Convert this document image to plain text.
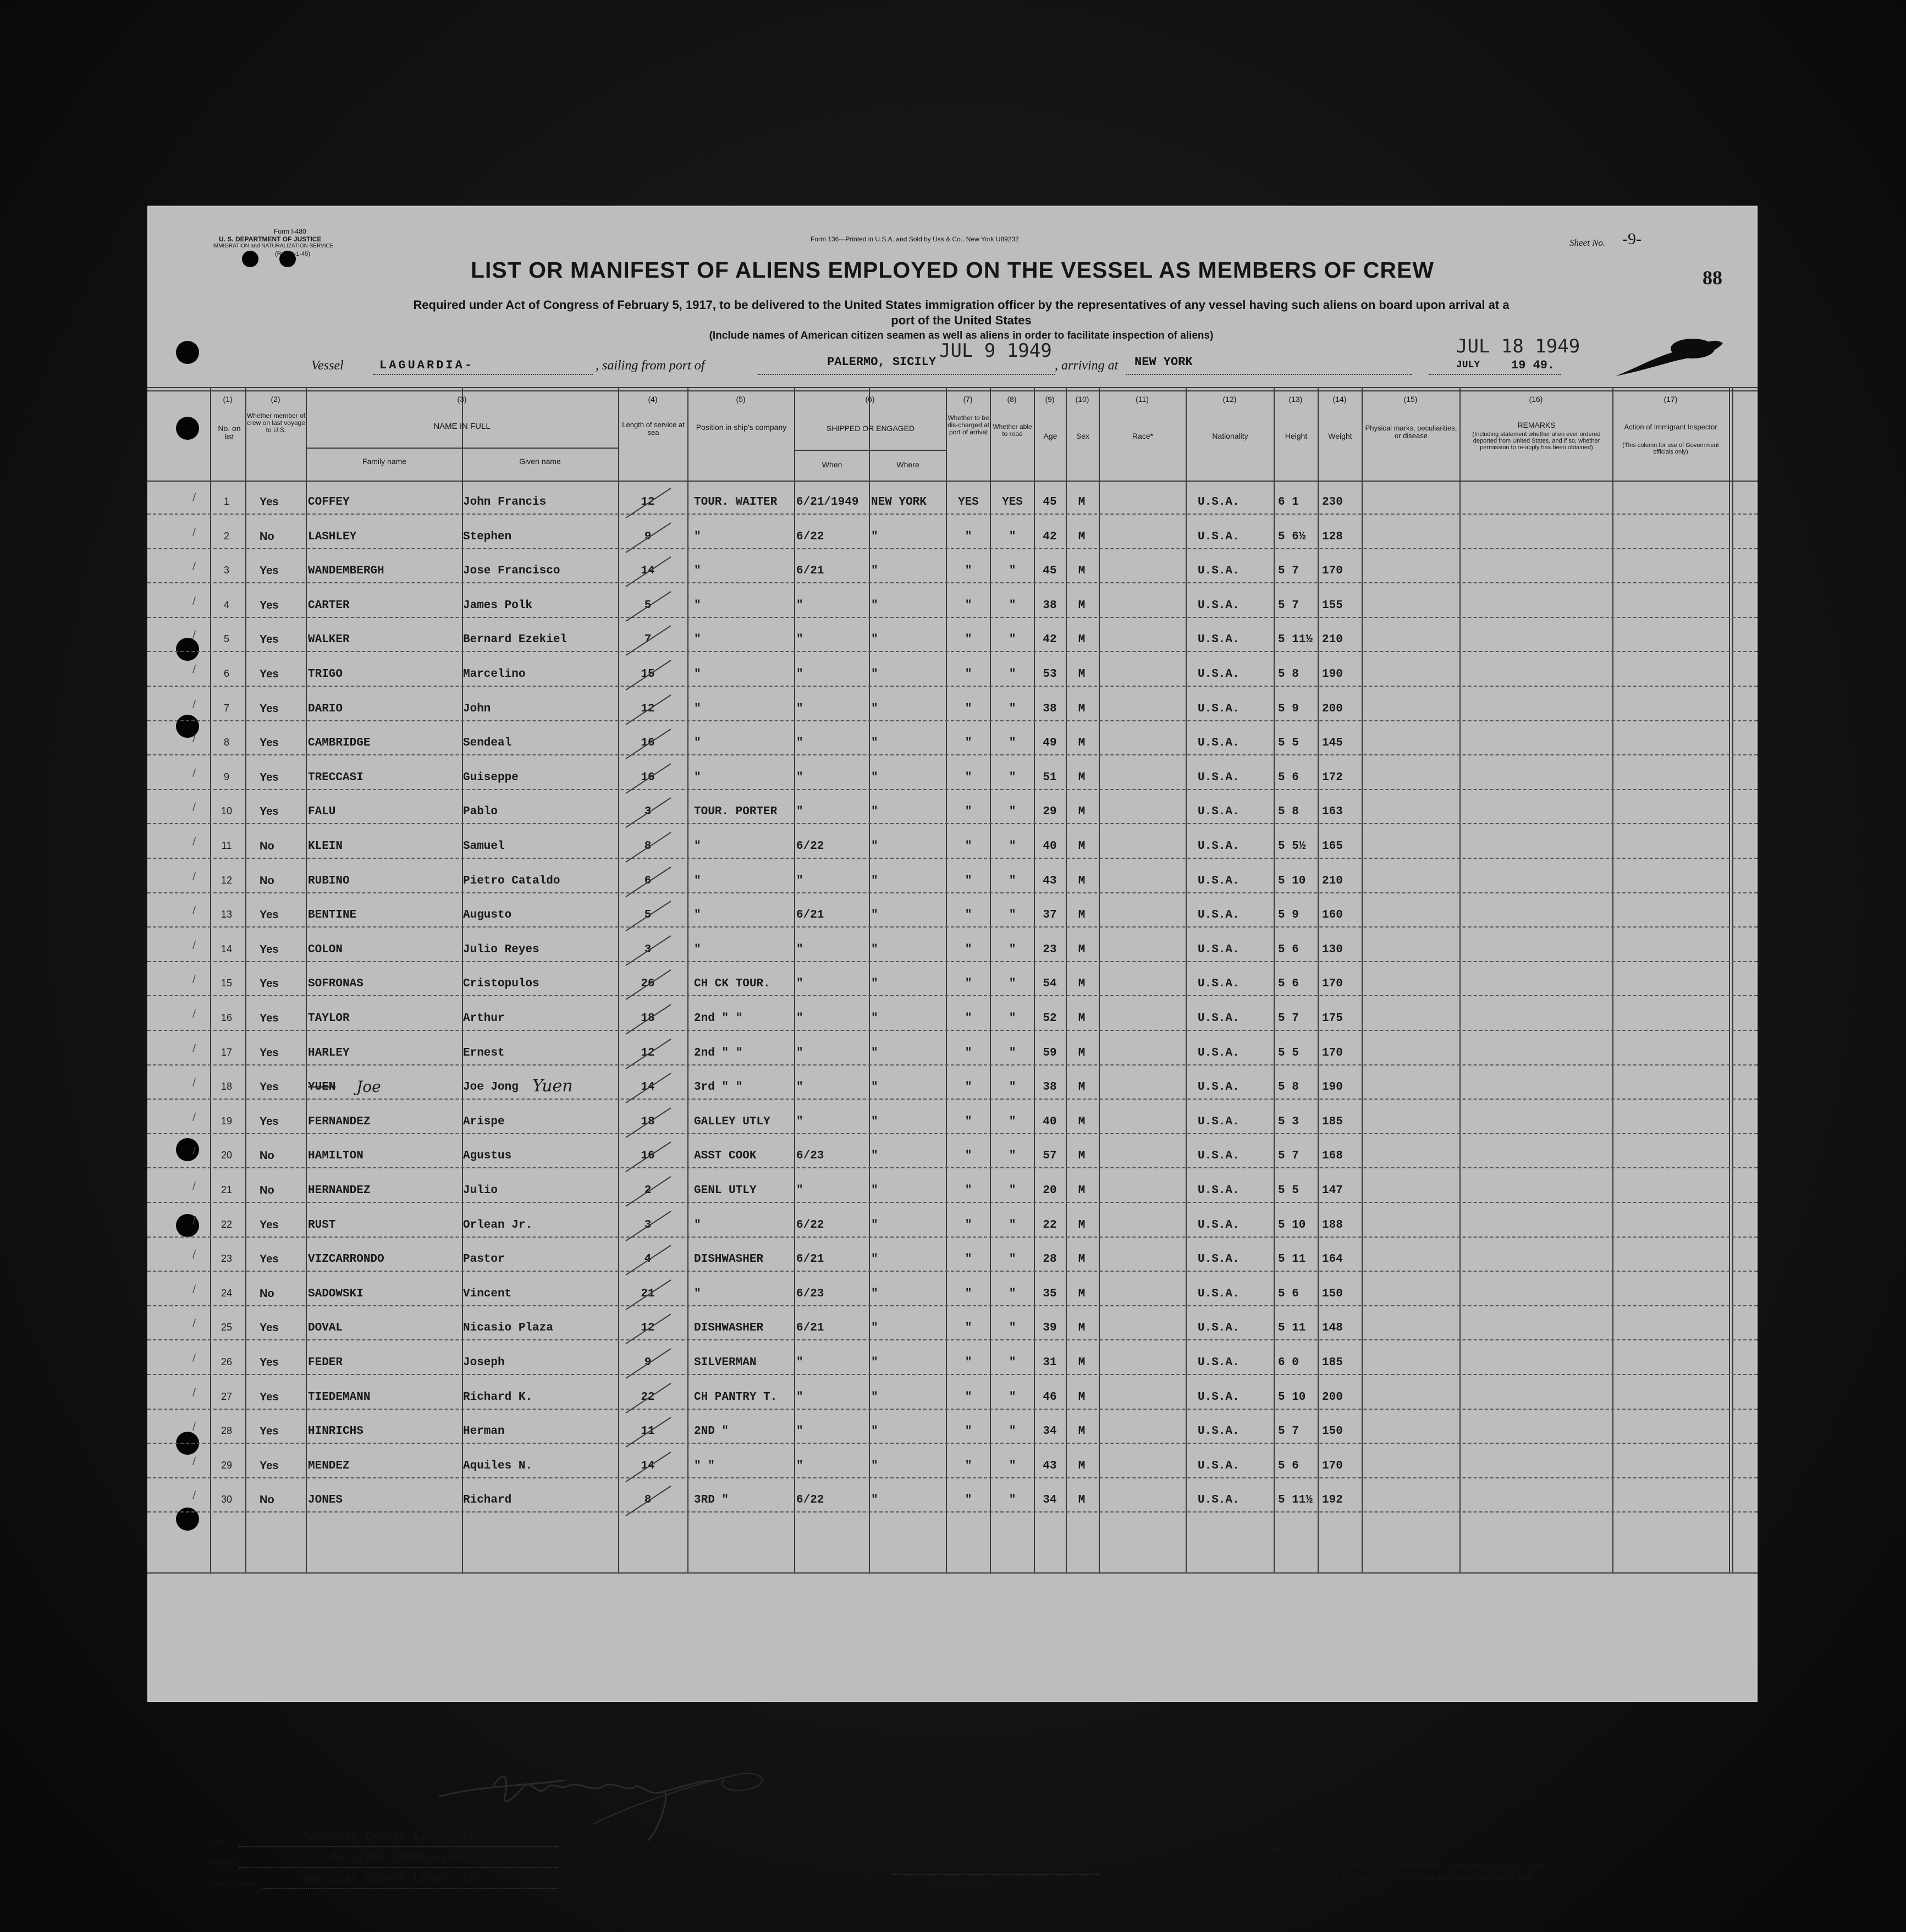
Form I-480
U. S. DEPARTMENT OF JUSTICE
IMMIGRATION and NATURALIZATION SERVICE
(Rev. 4-1-45)
Form 136—Printed in U.S.A. and Sold by Uss & Co., New York U89232	Sheet No. -9-
88
LIST OR MANIFEST OF ALIENS EMPLOYED ON THE VESSEL AS MEMBERS OF CREW
Required under Act of Congress of February 5, 1917, to be delivered to the United States immigration officer by the representatives of any vessel having such aliens on board upon arrival at a
port of the United States
(Include names of American citizen seamen as well as aliens in order to facilitate inspection of aliens)
Vessel	LAGUARDIA-	, sailing from port of	PALERMO, SICILY
JUL 9 1949
, arriving at NEW YORK
JUL 18 1949
JULY	19 49.
No. on list
Whether member of crew on last voyage to U.S.	NAME IN FULL
Family name	Given name
Length of service at sea
Position in ship's company	SHIPPED OR ENGAGED
When	Where
Whether to be dis-charged at port of arrival
Whether able to read	Age	Sex	Race*	Nationality	Height	Weight
Physical marks, peculiarities, or disease
REMARKS
(Including statement whether alien ever ordered deported from United States, and if so, whether permission to re-apply has been obtained)
Action of Immigrant Inspector
(This column for use of Government officials only)
(1)	(2)	(3)	(4)	(5)	(6)	(7)	(8)	(9)	(10)	(11)	(12)	(13)	(14)	(15)	(16)	(17)
∕	1	Yes	COFFEY	John Francis	12	TOUR. WAITER	6/21/1949	NEW YORK	YES	YES	45	M	U.S.A.	6 1	230
∕	2	No	LASHLEY	Stephen	9	"	6/22	"	"	"	42	M	U.S.A.	5 6½	128
∕	3	Yes	WANDEMBERGH	Jose Francisco	14	"	6/21	"	"	"	45	M	U.S.A.	5 7	170
∕	4	Yes	CARTER	James Polk	5	"	"	"	"	"	38	M	U.S.A.	5 7	155
∕	5	Yes	WALKER	Bernard Ezekiel	7	"	"	"	"	"	42	M	U.S.A.	5 11½ 210
∕	6	Yes	TRIGO	Marcelino	15	"	"	"	"	"	53	M	U.S.A.	5 8	190
∕	7	Yes	DARIO	John	12	"	"	"	"	"	38	M	U.S.A.	5 9	200
∕	8	Yes	CAMBRIDGE	Sendeal	16	"	"	"	"	"	49	M	U.S.A.	5 5	145
∕	9	Yes	TRECCASI	Guiseppe	16	"	"	"	"	"	51	M	U.S.A.	5 6	172
∕	10	Yes	FALU	Pablo	3	TOUR. PORTER	"	"	"	"	29	M	U.S.A.	5 8	163
∕	11	No	KLEIN	Samuel	8	"	6/22	"	"	"	40	M	U.S.A.	5 5½	165
∕	12	No	RUBINO	Pietro Cataldo	6	"	"	"	"	"	43	M	U.S.A.	5 10	210
∕	13	Yes	BENTINE	Augusto	5	"	6/21	"	"	"	37	M	U.S.A.	5 9	160
∕	14	Yes	COLON	Julio Reyes	3	"	"	"	"	"	23	M	U.S.A.	5 6	130
∕	15	Yes	SOFRONAS	Cristopulos	26	CH CK TOUR.	"	"	"	"	54	M	U.S.A.	5 6	170
∕	16	Yes	TAYLOR	Arthur	18	2nd " "	"	"	"	"	52	M	U.S.A.	5 7	175
∕	17	Yes	HARLEY	Ernest	12	2nd " "	"	"	"	"	59	M	U.S.A.	5 5	170
∕	18	Yes	YUEN	Joe Jong	14	3rd " "	"	"	"	"	38	M	U.S.A.	5 8	190
Joe	Yuen
∕	19	Yes	FERNANDEZ	Arispe	18	GALLEY UTLY	"	"	"	"	40	M	U.S.A.	5 3	185
∕	20	No	HAMILTON	Agustus	16	ASST COOK	6/23	"	"	"	57	M	U.S.A.	5 7	168
∕	21	No	HERNANDEZ	Julio	2	GENL UTLY	"	"	"	"	20	M	U.S.A.	5 5	147
∕	22	Yes	RUST	Orlean Jr.	3	"	6/22	"	"	"	22	M	U.S.A.	5 10	188
∕	23	Yes	VIZCARRONDO	Pastor	4	DISHWASHER	6/21	"	"	"	28	M	U.S.A.	5 11	164
∕	24	No	SADOWSKI	Vincent	21	"	6/23	"	"	"	35	M	U.S.A.	5 6	150
∕	25	Yes	DOVAL	Nicasio Plaza	12	DISHWASHER	6/21	"	"	"	39	M	U.S.A.	5 11	148
∕	26	Yes	FEDER	Joseph	9	SILVERMAN	"	"	"	"	31	M	U.S.A.	6 0	185
∕	27	Yes	TIEDEMANN	Richard K.	22	CH PANTRY T.	"	"	"	"	46	M	U.S.A.	5 10	200
∕	28	Yes	HINRICHS	Herman	11	2ND "	"	"	"	"	34	M	U.S.A.	5 7	150
∕	29	Yes	MENDEZ	Aquiles N.	14	" "	"	"	"	"	43	M	U.S.A.	5 6	170
∕	30	No	JONES	Richard	8	3RD "	6/22	"	"	"	34	M	U.S.A.	5 11½ 192
Line	American Export Lines, Inc.
Owners	U.S.Maritime Commission,
Local Agents	American Export Lines, Inc.	Immigrant Inspector.
*See list of races on back hereof.
NOTE.—Failure to furnish full or correct information in columns (3), (5), (6), and (7)
is punishable by a fine of ten dollars for each alien. See other side.
